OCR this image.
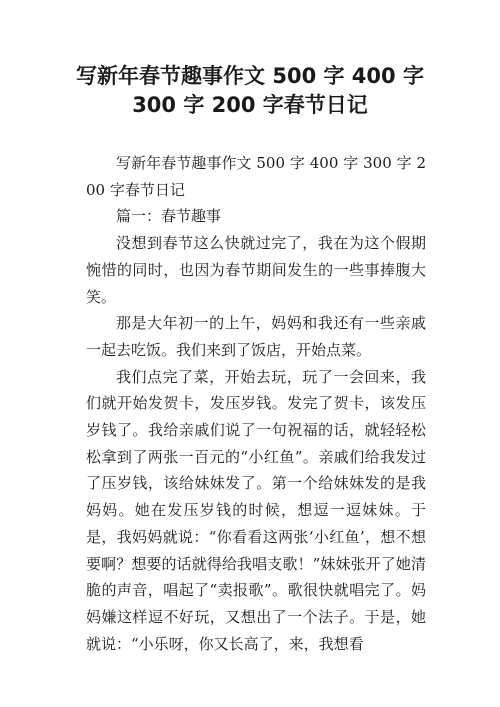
写新年春节趣事作文 500 字 400 字
300 字 200 字春节日记

写新年春节趣事作文 500 字 400 字 300 字 200 字春节日记

篇一：春节趣事

没想到春节这么快就过完了，我在为这个假期惋惜的同时，也因为春节期间发生的一些事捧腹大笑。

那是大年初一的上午，妈妈和我还有一些亲戚一起去吃饭。我们来到了饭店，开始点菜。

我们点完了菜，开始去玩，玩了一会回来，我们就开始发贺卡，发压岁钱。发完了贺卡，该发压岁钱了。我给亲戚们说了一句祝福的话，就轻轻松松拿到了两张一百元的“小红鱼”。亲戚们给我发过了压岁钱，该给妹妹发了。第一个给妹妹发的是我妈妈。她在发压岁钱的时候，想逗一逗妹妹。于是，我妈妈就说：“你看看这两张‘小红鱼’，想不想要啊？想要的话就得给我唱支歌！”妹妹张开了她清脆的声音，唱起了“卖报歌”。歌很快就唱完了。妈妈嫌这样逗不好玩，又想出了一个法子。于是，她就说：“小乐呀，你又长高了，来，我想看
